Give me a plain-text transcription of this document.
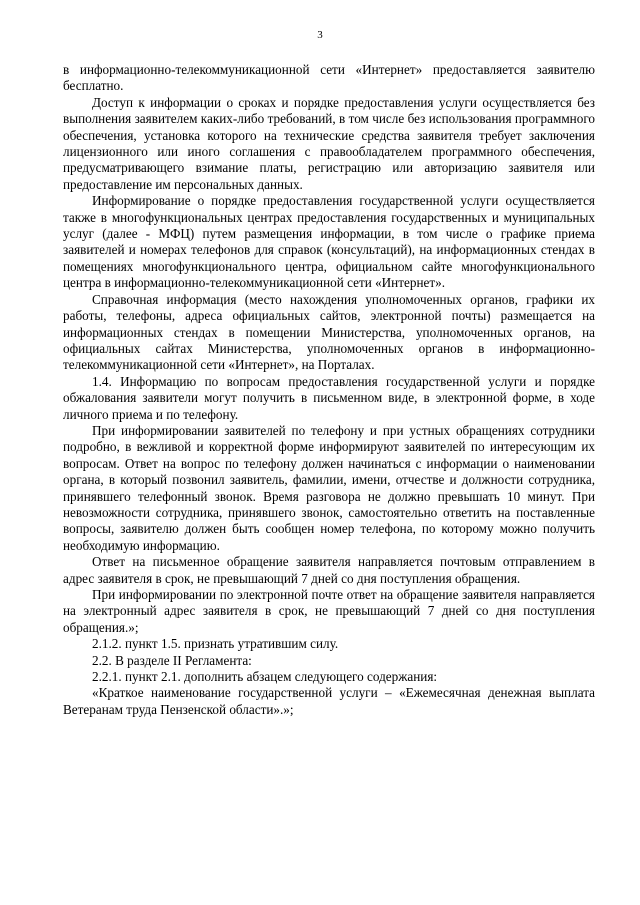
3

в информационно-телекоммуникационной сети «Интернет» предоставляется заявителю бесплатно.

Доступ к информации о сроках и порядке предоставления услуги осуществляется без выполнения заявителем каких-либо требований, в том числе без использования программного обеспечения, установка которого на технические средства заявителя требует заключения лицензионного или иного соглашения с правообладателем программного обеспечения, предусматривающего взимание платы, регистрацию или авторизацию заявителя или предоставление им персональных данных.

Информирование о порядке предоставления государственной услуги осуществляется также в многофункциональных центрах предоставления государственных и муниципальных услуг (далее - МФЦ) путем размещения информации, в том числе о графике приема заявителей и номерах телефонов для справок (консультаций), на информационных стендах в помещениях многофункционального центра, официальном сайте многофункционального центра в информационно-телекоммуникационной сети «Интернет».

Справочная информация (место нахождения уполномоченных органов, графики их работы, телефоны, адреса официальных сайтов, электронной почты) размещается на информационных стендах в помещении Министерства, уполномоченных органов, на официальных сайтах Министерства, уполномоченных органов в информационно-телекоммуникационной сети «Интернет», на Порталах.

1.4. Информацию по вопросам предоставления государственной услуги и порядке обжалования заявители могут получить в письменном виде, в электронной форме, в ходе личного приема и по телефону.

При информировании заявителей по телефону и при устных обращениях сотрудники подробно, в вежливой и корректной форме информируют заявителей по интересующим их вопросам. Ответ на вопрос по телефону должен начинаться с информации о наименовании органа, в который позвонил заявитель, фамилии, имени, отчестве и должности сотрудника, принявшего телефонный звонок. Время разговора не должно превышать 10 минут. При невозможности сотрудника, принявшего звонок, самостоятельно ответить на поставленные вопросы, заявителю должен быть сообщен номер телефона, по которому можно получить необходимую информацию.

Ответ на письменное обращение заявителя направляется почтовым отправлением в адрес заявителя в срок, не превышающий 7 дней со дня поступления обращения.

При информировании по электронной почте ответ на обращение заявителя направляется на электронный адрес заявителя в срок, не превышающий 7 дней со дня поступления обращения.»;

2.1.2. пункт 1.5. признать утратившим силу.

2.2. В разделе II Регламента:

2.2.1. пункт 2.1. дополнить абзацем следующего содержания:

«Краткое наименование государственной услуги – «Ежемесячная денежная выплата Ветеранам труда Пензенской области».»;
